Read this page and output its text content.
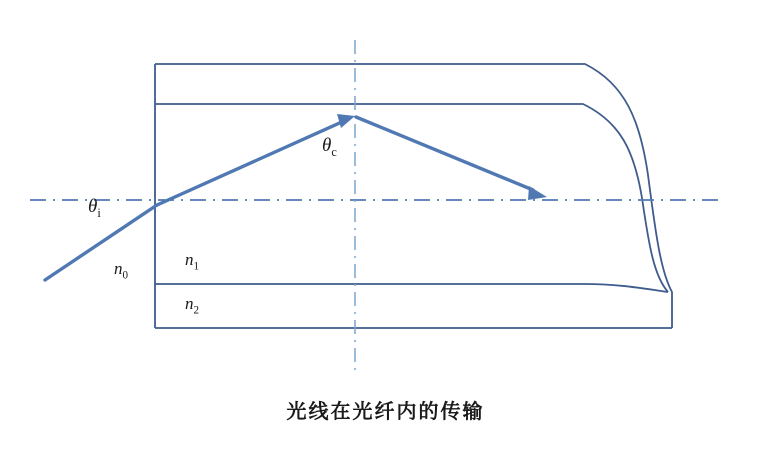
$\theta_i$
$\theta_c$
$n_0$
$n_1$
$n_2$
光线在光纤内的传输
